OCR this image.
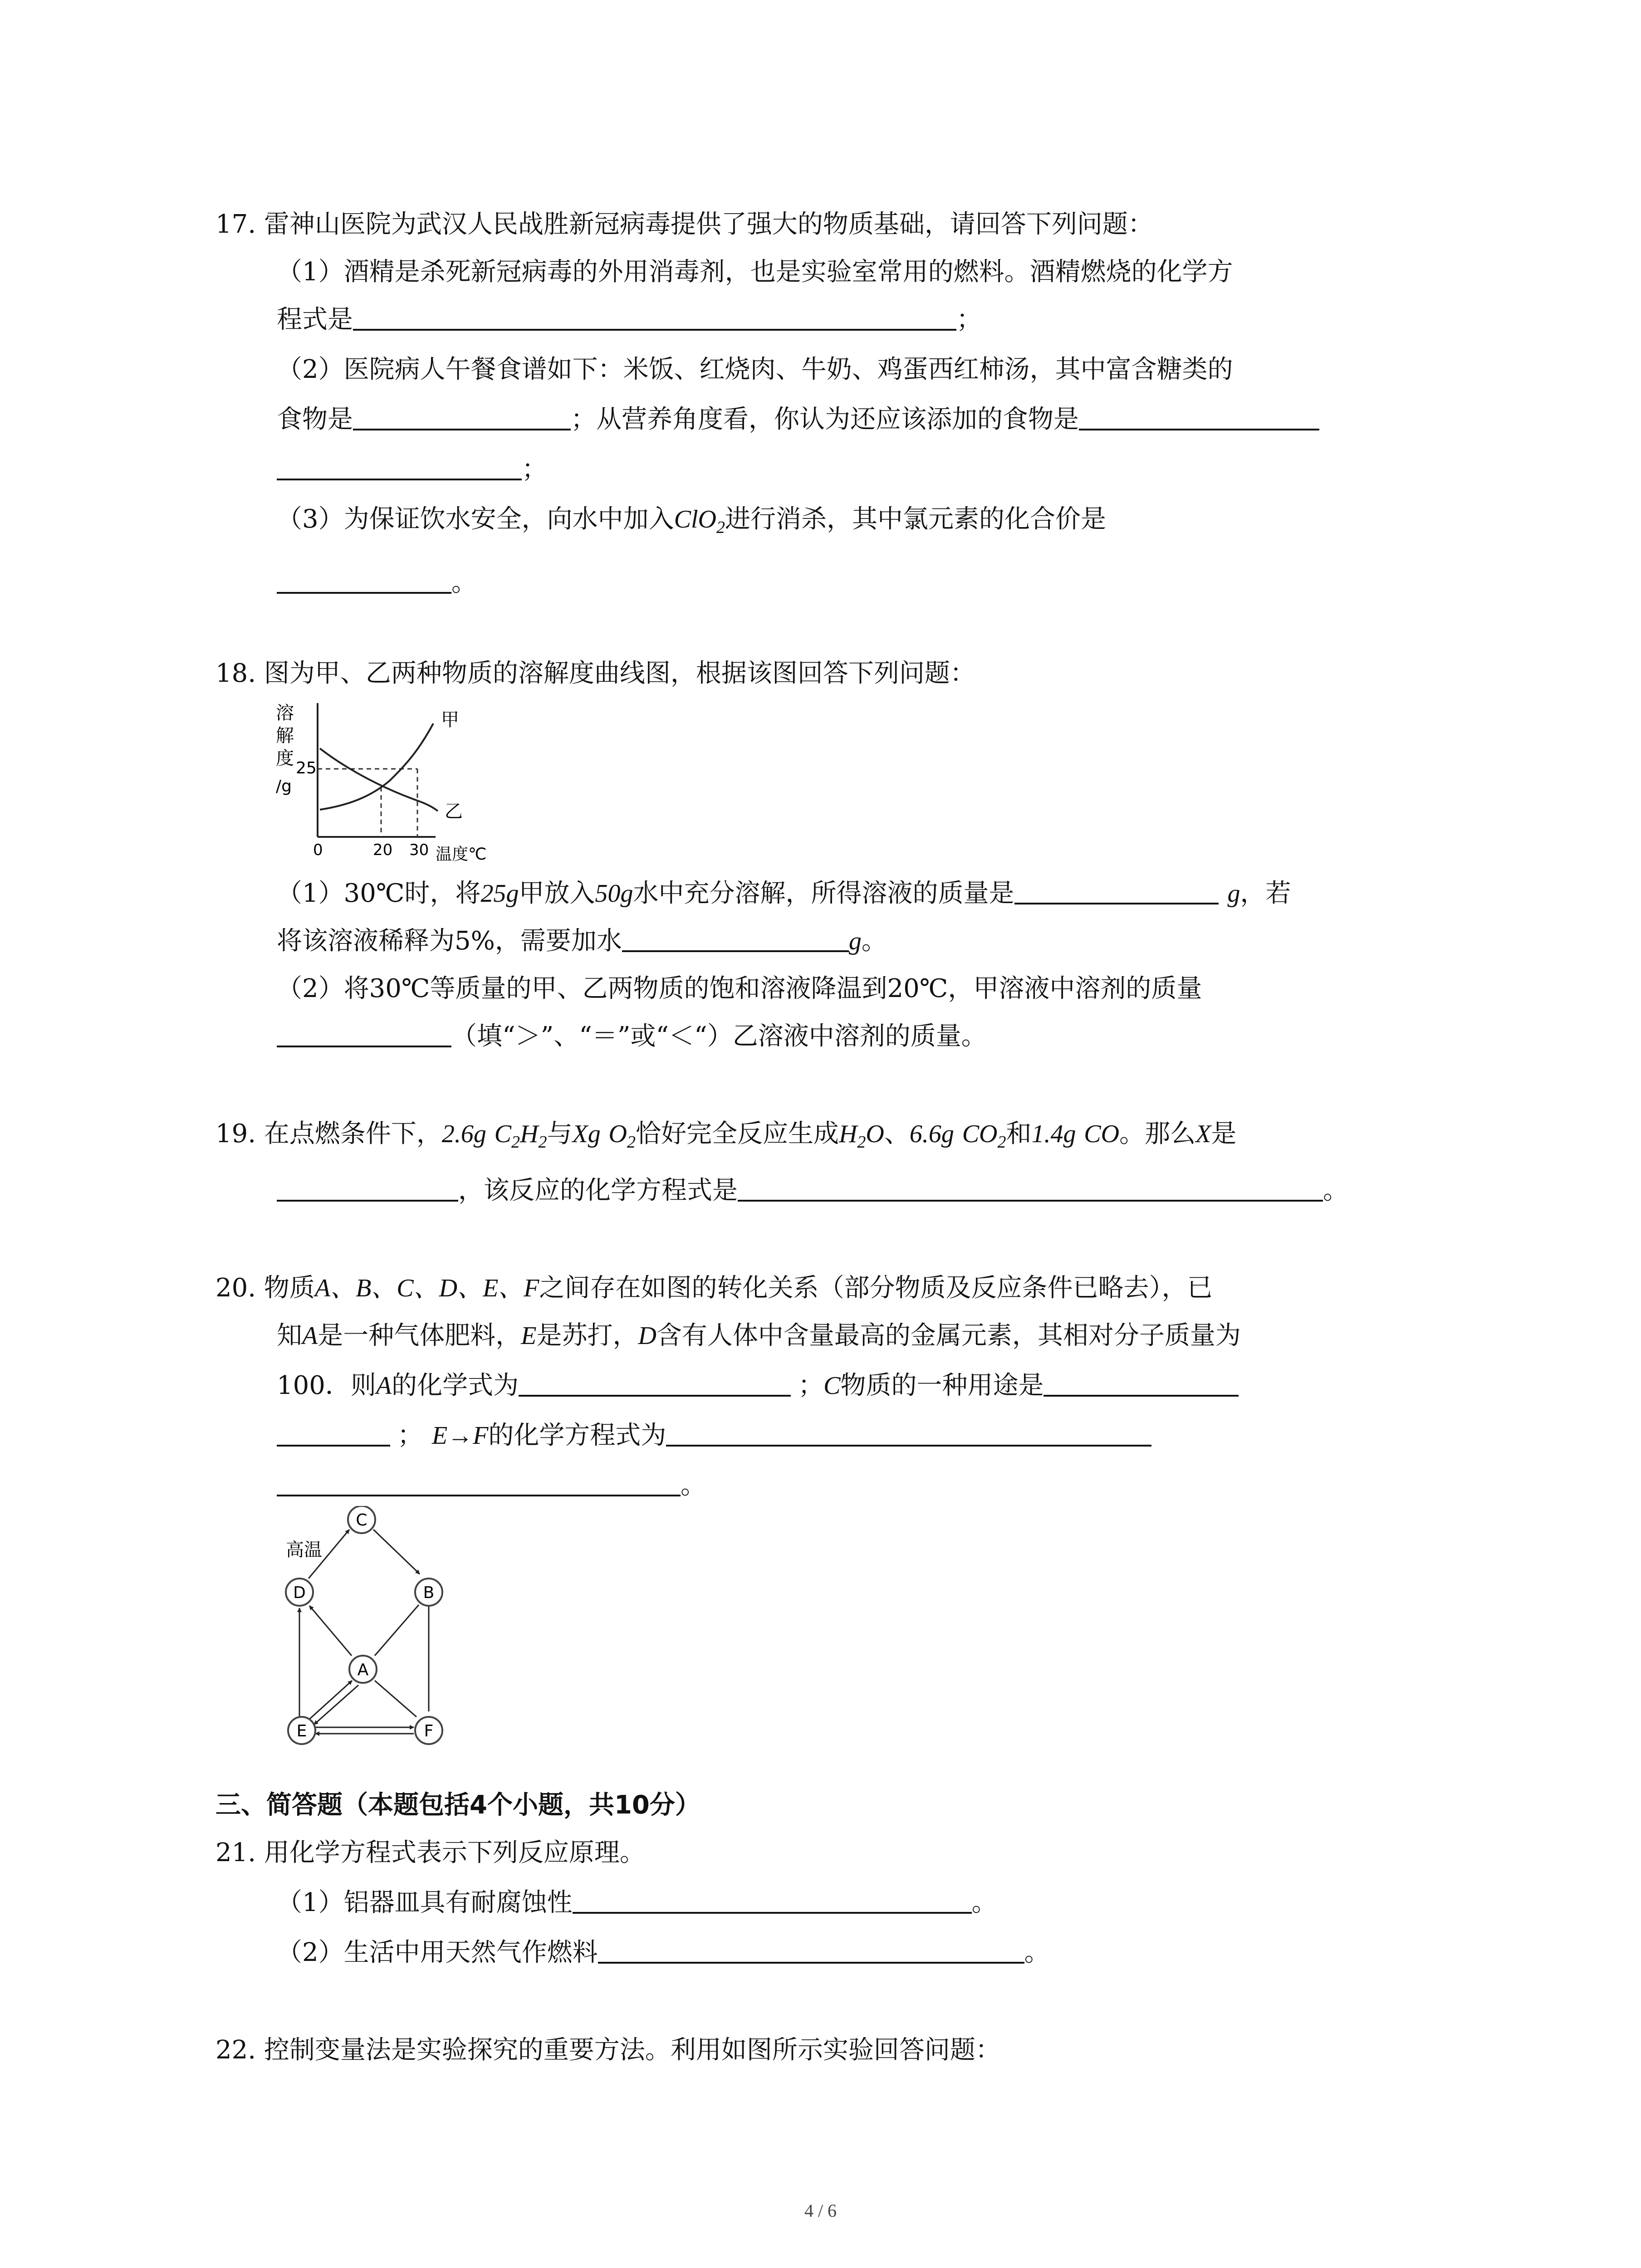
17. 雷神山医院为武汉人民战胜新冠病毒提供了强大的物质基础，请回答下列问题：
（1）酒精是杀死新冠病毒的外用消毒剂，也是实验室常用的燃料。酒精燃烧的化学方
程式是	；
（2）医院病人午餐食谱如下：米饭、红烧肉、牛奶、鸡蛋西红柿汤，其中富含糖类的
食物是	；从营养角度看，你认为还应该添加的食物是
；
（3）为保证饮水安全，向水中加入ClO$_2$进行消杀，其中氯元素的化合价是
。
18. 图为甲、乙两种物质的溶解度曲线图，根据该图回答下列问题：
溶
解
度
/g
25
甲
乙
0	20 30 温度℃
（1）30℃时，将25g甲放入50g水中充分溶解，所得溶液的质量是	g，若
将该溶液稀释为5%，需要加水	g。
（2）将30℃等质量的甲、乙两物质的饱和溶液降温到20℃，甲溶液中溶剂的质量
（填“＞”、“＝”或“＜“）乙溶液中溶剂的质量。
19. 在点燃条件下，2.6g $C_2H_2$与Xg $O_2$恰好完全反应生成$H_2O$、6.6g $CO_2$和1.4g CO。那么X是
，该反应的化学方程式是	。
20. 物质A、B、C、D、E、F之间存在如图的转化关系（部分物质及反应条件已略去），已
知A是一种气体肥料，E是苏打，D含有人体中含量最高的金属元素，其相对分子质量为
100．则A的化学式为	；C物质的一种用途是
； E→F的化学方程式为
。
高温
C
D	B
A
E	F
三、简答题（本题包括4个小题，共10分）
21. 用化学方程式表示下列反应原理。
（1）铝器皿具有耐腐蚀性	。
（2）生活中用天然气作燃料	。
22. 控制变量法是实验探究的重要方法。利用如图所示实验回答问题：
4 / 6
